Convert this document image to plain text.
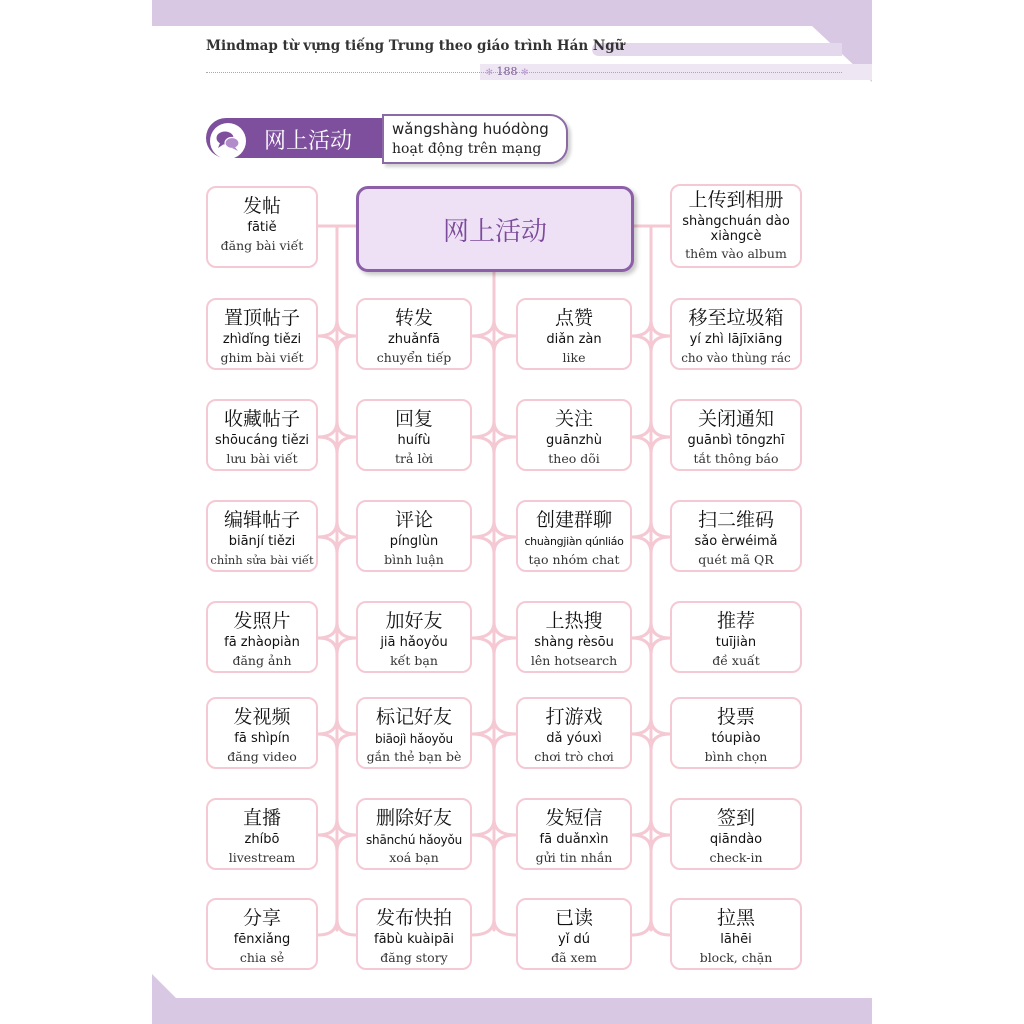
Mindmap từ vựng tiếng Trung theo giáo trình Hán Ngữ
✻ 188 ✻
网上活动	wǎngshàng huódòng
hoạt động trên mạng
网上活动
发帖
fātiě
đăng bài viết
置顶帖子
zhìdǐng tiězi
ghim bài viết
收藏帖子
shōucáng tiězi
lưu bài viết
编辑帖子
biānjí tiězi
chỉnh sửa bài viết
发照片
fā zhàopiàn
đăng ảnh
发视频
fā shìpín
đăng video
直播
zhíbō
livestream
分享
fēnxiǎng
chia sẻ
转发
zhuǎnfā
chuyển tiếp
回复
huífù
trả lời
评论
pínglùn
bình luận
加好友
jiā hǎoyǒu
kết bạn
标记好友
biāojì hǎoyǒu
gắn thẻ bạn bè
删除好友
shānchú hǎoyǒu
xoá bạn
发布快拍
fābù kuàipāi
đăng story
点赞
diǎn zàn
like
关注
guānzhù
theo dõi
创建群聊
chuàngjiàn qúnliáo
tạo nhóm chat
上热搜
shàng rèsōu
lên hotsearch
打游戏
dǎ yóuxì
chơi trò chơi
发短信
fā duǎnxìn
gửi tin nhắn
已读
yǐ dú
đã xem
上传到相册
shàngchuán dào xiàngcè
thêm vào album
移至垃圾箱
yí zhì lājīxiāng
cho vào thùng rác
关闭通知
guānbì tōngzhī
tắt thông báo
扫二维码
sǎo èrwéimǎ
quét mã QR
推荐
tuījiàn
đề xuất
投票
tóupiào
bình chọn
签到
qiāndào
check-in
拉黑
lāhēi
block, chặn
